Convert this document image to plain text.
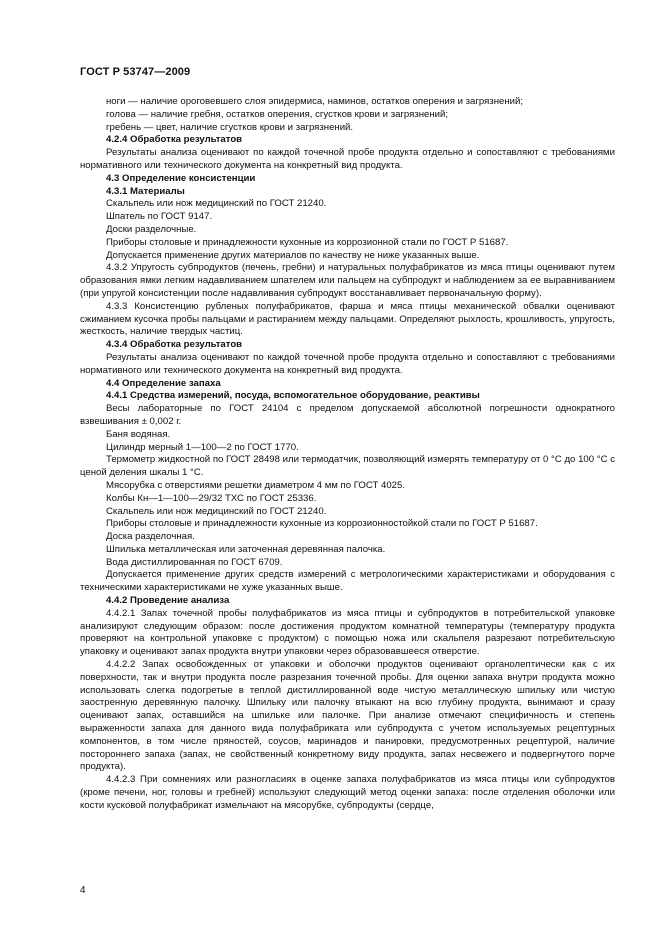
ГОСТ Р 53747—2009

ноги — наличие ороговевшего слоя эпидермиса, наминов, остатков оперения и загрязнений;

голова — наличие гребня, остатков оперения, сгустков крови и загрязнений;

гребень — цвет, наличие сгустков крови и загрязнений.

4.2.4 Обработка результатов

Результаты анализа оценивают по каждой точечной пробе продукта отдельно и сопоставляют с требованиями нормативного или технического документа на конкретный вид продукта.

4.3 Определение консистенции

4.3.1 Материалы

Скальпель или нож медицинский по ГОСТ 21240.

Шпатель по ГОСТ 9147.

Доски разделочные.

Приборы столовые и принадлежности кухонные из коррозионной стали по ГОСТ Р 51687.

Допускается применение других материалов по качеству не ниже указанных выше.

4.3.2 Упругость субпродуктов (печень, гребни) и натуральных полуфабрикатов из мяса птицы оценивают путем образования ямки легким надавливанием шпателем или пальцем на субпродукт и наблюдением за ее выравниванием (при упругой консистенции после надавливания субпродукт восстанавливает первоначальную форму).

4.3.3 Консистенцию рубленых полуфабрикатов, фарша и мяса птицы механической обвалки оценивают сжиманием кусочка пробы пальцами и растиранием между пальцами. Определяют рыхлость, крошливость, упругость, жесткость, наличие твердых частиц.

4.3.4 Обработка результатов

Результаты анализа оценивают по каждой точечной пробе продукта отдельно и сопоставляют с требованиями нормативного или технического документа на конкретный вид продукта.

4.4 Определение запаха

4.4.1 Средства измерений, посуда, вспомогательное оборудование, реактивы

Весы лабораторные по ГОСТ 24104 с пределом допускаемой абсолютной погрешности однократного взвешивания ± 0,002 г.

Баня водяная.

Цилиндр мерный 1—100—2 по ГОСТ 1770.

Термометр жидкостной по ГОСТ 28498 или термодатчик, позволяющий измерять температуру от 0 °С до 100 °С с ценой деления шкалы 1 °С.

Мясорубка с отверстиями решетки диаметром 4 мм по ГОСТ 4025.

Колбы Кн—1—100—29/32 ТХС по ГОСТ 25336.

Скальпель или нож медицинский по ГОСТ 21240.

Приборы столовые и принадлежности кухонные из коррозионностойкой стали по ГОСТ Р 51687.

Доска разделочная.

Шпилька металлическая или заточенная деревянная палочка.

Вода дистиллированная по ГОСТ 6709.

Допускается применение других средств измерений с метрологическими характеристиками и оборудования с техническими характеристиками не хуже указанных выше.

4.4.2 Проведение анализа

4.4.2.1 Запах точечной пробы полуфабрикатов из мяса птицы и субпродуктов в потребительской упаковке анализируют следующим образом: после достижения продуктом комнатной температуры (температуру продукта проверяют на контрольной упаковке с продуктом) с помощью ножа или скальпеля разрезают потребительскую упаковку и оценивают запах продукта внутри упаковки через образовавшееся отверстие.

4.4.2.2 Запах освобожденных от упаковки и оболочки продуктов оценивают органолептически как с их поверхности, так и внутри продукта после разрезания точечной пробы. Для оценки запаха внутри продукта можно использовать слегка подогретые в теплой дистиллированной воде чистую металлическую шпильку или чистую заостренную деревянную палочку. Шпильку или палочку втыкают на всю глубину продукта, вынимают и сразу оценивают запах, оставшийся на шпильке или палочке. При анализе отмечают специфичность и степень выраженности запаха для данного вида полуфабриката или субпродукта с учетом используемых рецептурных компонентов, в том числе пряностей, соусов, маринадов и панировки, предусмотренных рецептурой, наличие постороннего запаха (запах, не свойственный конкретному виду продукта, запах несвежего и подвергнутого порче продукта).

4.4.2.3 При сомнениях или разногласиях в оценке запаха полуфабрикатов из мяса птицы или субпродуктов (кроме печени, ног, головы и гребней) используют следующий метод оценки запаха: после отделения оболочки или кости кусковой полуфабрикат измельчают на мясорубке, субпродукты (сердце,

4
